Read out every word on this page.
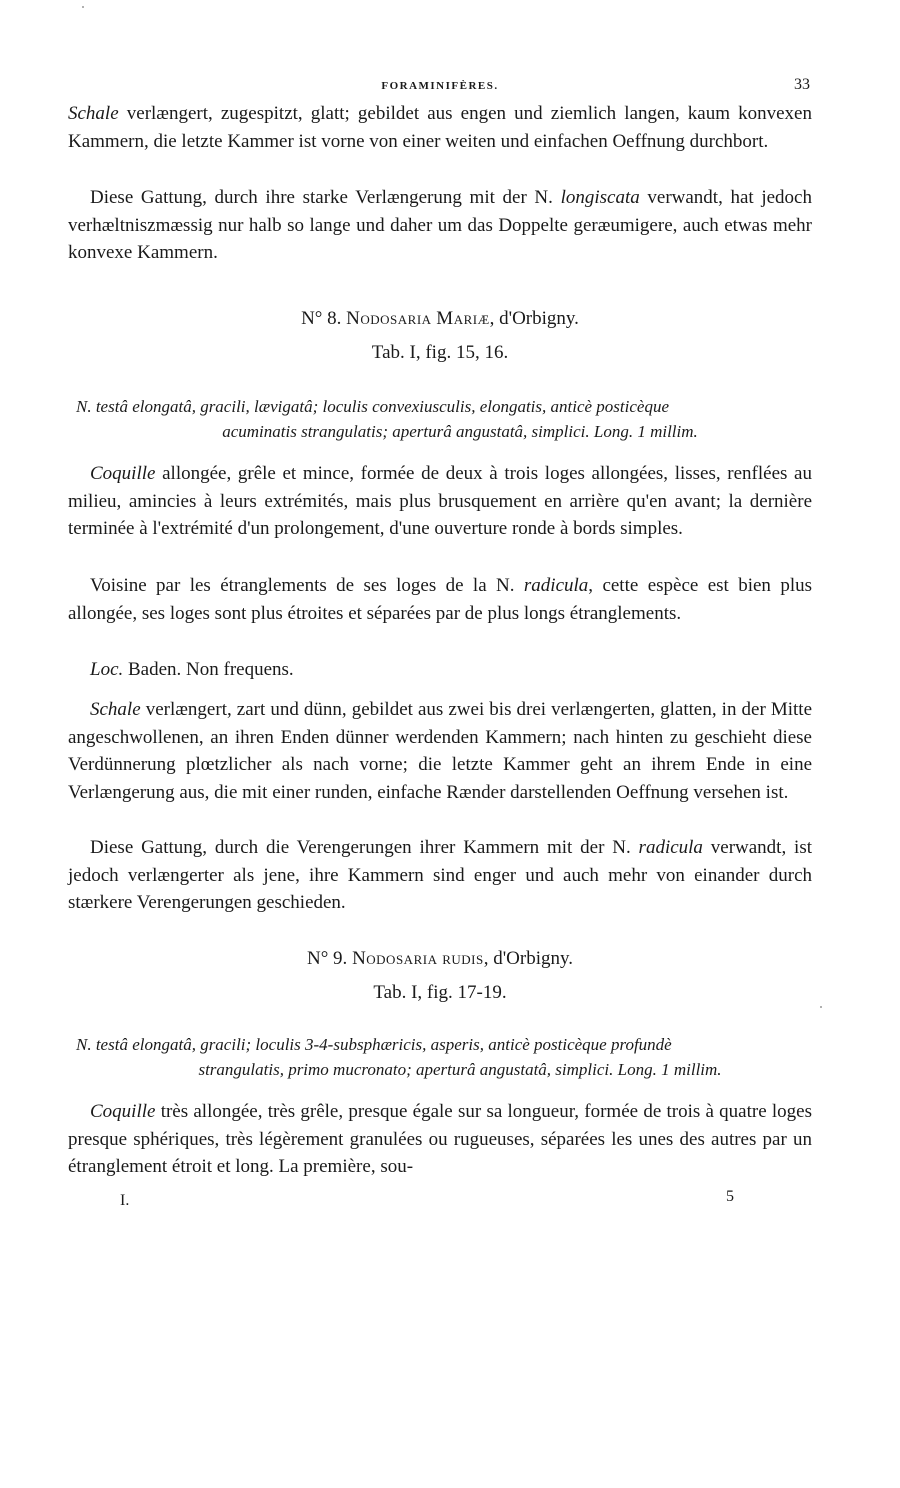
FORAMINIFÈRES.	33

Schale verlængert, zugespitzt, glatt; gebildet aus engen und ziemlich langen, kaum konvexen Kammern, die letzte Kammer ist vorne von einer weiten und einfachen Oeffnung durchbort.

Diese Gattung, durch ihre starke Verlængerung mit der N. longiscata verwandt, hat jedoch verhæltniszmæssig nur halb so lange und daher um das Doppelte geræumigere, auch etwas mehr konvexe Kammern.

N° 8. Nodosaria Mariæ, d'Orbigny.
Tab. I, fig. 15, 16.

N. testâ elongatâ, gracili, lævigatâ; loculis convexiusculis, elongatis, anticè posticèque
acuminatis strangulatis; aperturâ angustatâ, simplici. Long. 1 millim.

Coquille allongée, grêle et mince, formée de deux à trois loges allongées, lisses, renflées au milieu, amincies à leurs extrémités, mais plus brusquement en arrière qu'en avant; la dernière terminée à l'extrémité d'un prolongement, d'une ouverture ronde à bords simples.

Voisine par les étranglements de ses loges de la N. radicula, cette espèce est bien plus allongée, ses loges sont plus étroites et séparées par de plus longs étranglements.

Loc. Baden. Non frequens.

Schale verlængert, zart und dünn, gebildet aus zwei bis drei verlængerten, glatten, in der Mitte angeschwollenen, an ihren Enden dünner werdenden Kammern; nach hinten zu geschieht diese Verdünnerung plœtzlicher als nach vorne; die letzte Kammer geht an ihrem Ende in eine Verlængerung aus, die mit einer runden, einfache Rænder darstellenden Oeffnung versehen ist.

Diese Gattung, durch die Verengerungen ihrer Kammern mit der N. radicula verwandt, ist jedoch verlængerter als jene, ihre Kammern sind enger und auch mehr von einander durch stærkere Verengerungen geschieden.

N° 9. Nodosaria rudis, d'Orbigny.
Tab. I, fig. 17-19.

N. testâ elongatâ, gracili; loculis 3-4-subsphæricis, asperis, anticè posticèque profundè
strangulatis, primo mucronato; aperturâ angustatâ, simplici. Long. 1 millim.

Coquille très allongée, très grêle, presque égale sur sa longueur, formée de trois à quatre loges presque sphériques, très légèrement granulées ou rugueuses, séparées les unes des autres par un étranglement étroit et long. La première, sou-

I.	5
